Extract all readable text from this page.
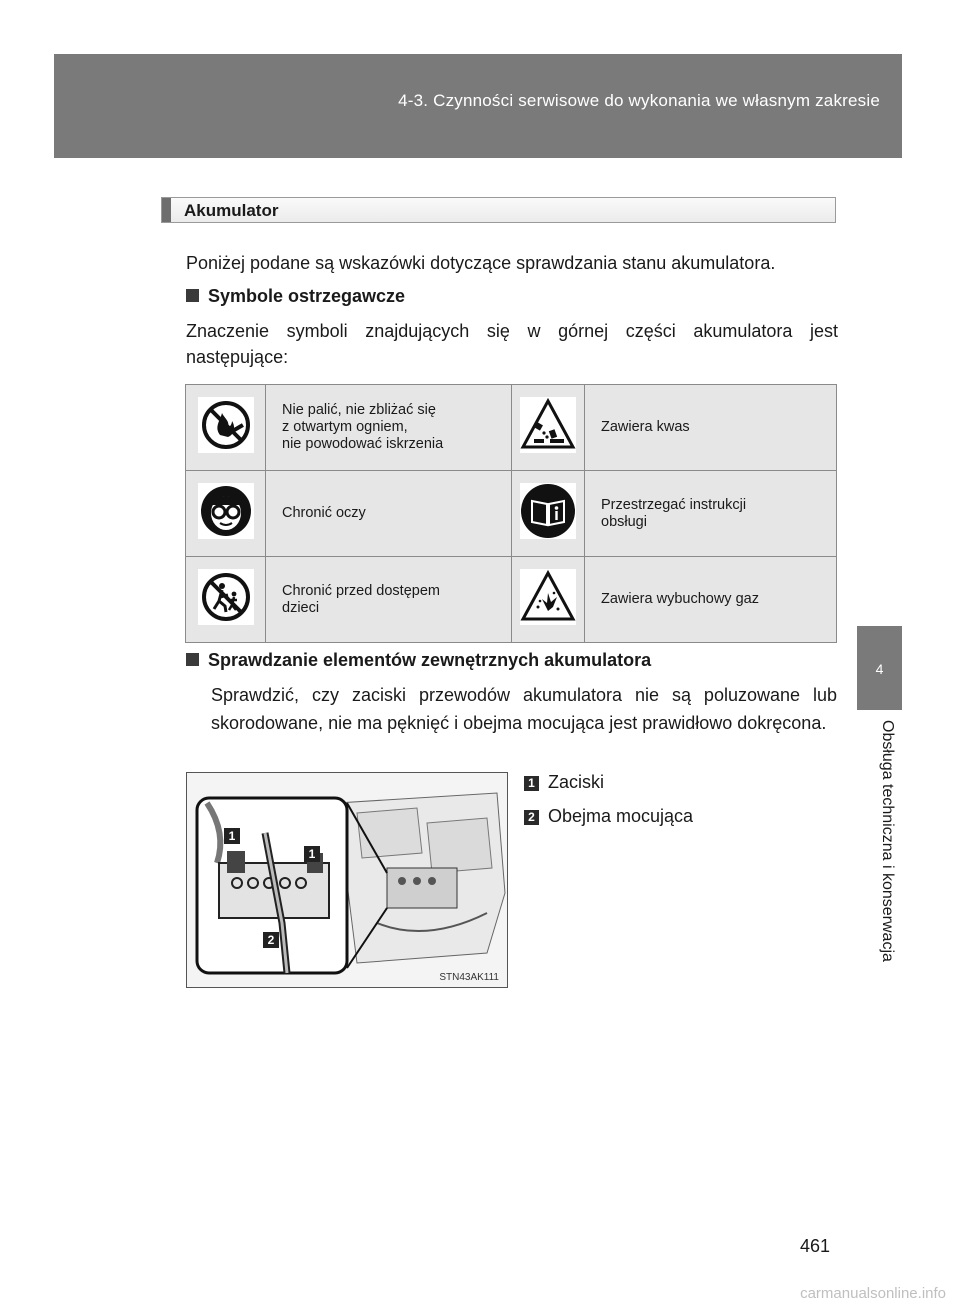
4-3. Czynności serwisowe do wykonania we własnym zakresie
4
Obsługa techniczna i konserwacja
Akumulator
Poniżej podane są wskazówki dotyczące sprawdzania stanu akumulatora.
Symbole ostrzegawcze
Znaczenie symboli znajdujących się w górnej części akumulatora jest następujące:
	Nie palić, nie zbliżać się
z otwartym ogniem,
nie powodować iskrzenia		Zawiera kwas
	Chronić oczy		Przestrzegać instrukcji
obsługi
	Chronić przed dostępem
dzieci		Zawiera wybuchowy gaz
Sprawdzanie elementów zewnętrznych akumulatora
Sprawdzić, czy zaciski przewodów akumulatora nie są poluzowane lub skorodowane, nie ma pęknięć i obejma mocująca jest prawidłowo dokręcona.
1
1
2
STN43AK111
1 Zaciski
2 Obejma mocująca
461
carmanualsonline.info
